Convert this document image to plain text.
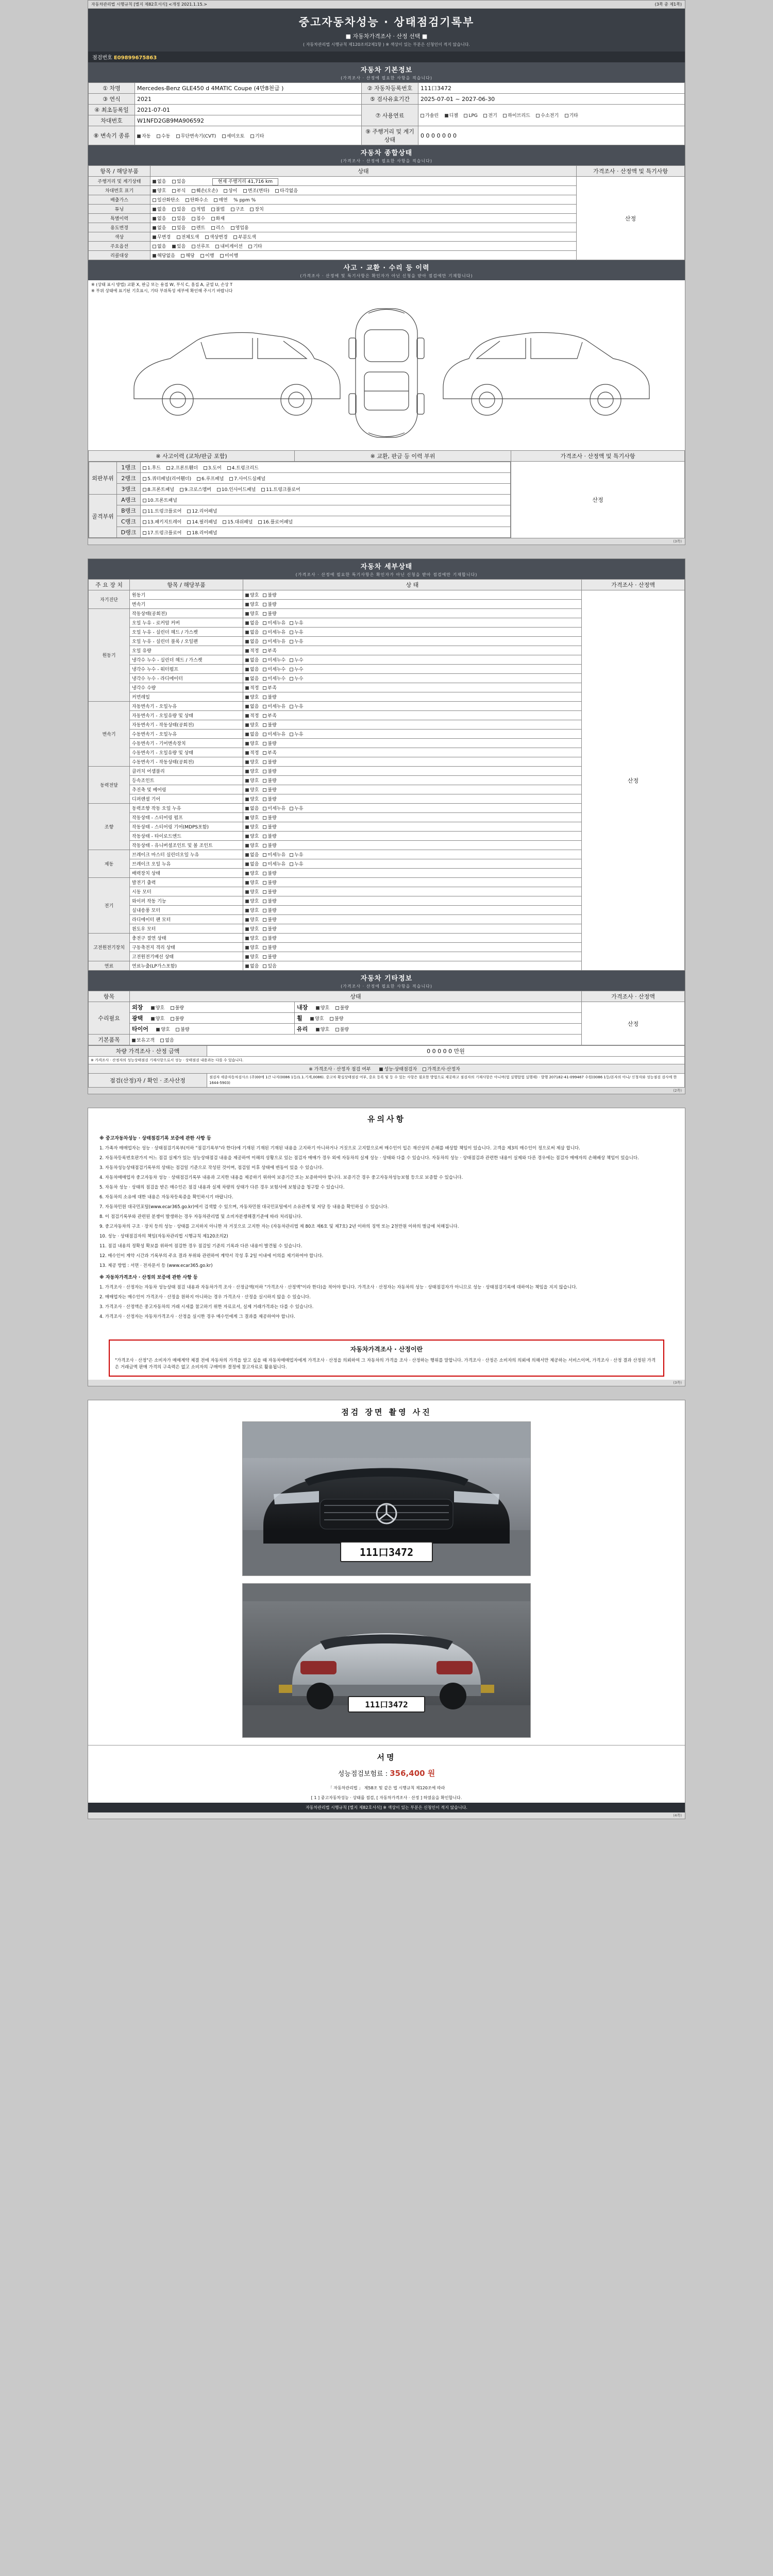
자동차관리법 시행규칙 [별지 제82호서식] <개정 2021.1.15.>	(3쪽 중 제1쪽)
중고자동차성능 · 상태점검기록부
■ 자동차가격조사 · 산정 선택 ■
( 자동차관리법 시행규칙 제120조의2제1항 ) ※ 색상이 있는 부분은 신청인이 적지 않습니다.
점검번호 E09899675863
자동차 기본정보
(가격조사 · 산정에 필요한 사항을 적습니다)
① 차명	Mercedes-Benz GLE450 d 4MATIC Coupe (4만8천급 )	② 자동차등록번호	111口3472
③ 연식	2021	⑤ 검사유효기간	2025-07-01 ~ 2027-06-30
④ 최초등록일	2021-07-01	⑦ 사용연료	가솔린 디젤 LPG 전기 하이브리드 수소전기 기타
차대번호	W1NFD2GB9MA906592		
⑧ 변속기 종류	자동 수동 무단변속기(CVT) 세미오토 기타	⑨ 주행거리 및 계기상태	0 0 0 0 0 0 0
자동차 종합상태
(가격조사 · 산정에 필요한 사항을 적습니다)
항목 / 해당부품	상태	가격조사 · 산정액 및 특기사항
주행거리 및 계기상태	없음 있음 현재 주행거리 41,716 km	산정
차대번호 표기	양호 부식 훼손(오손) 상이 변조(변타) 타각없음	
배출가스	일산화탄소 탄화수소 매연 % ppm %	
튜닝	없음 있음 적법 불법 구조 장치	
특별이력	없음 있음 침수 화재	
용도변경	없음 있음 렌트 리스 영업용	
색상	무변경 전체도색 색상변경 부분도색	
주요옵션	없음 있음 선루프 내비게이션 기타	
리콜대상	해당없음 해당 이행 미이행	
사고 · 교환 · 수리 등 이력
(가격조사 · 산정에 및 특기사항은 확인자가 아닌 신청을 받아 점검에만 기재합니다)
※ (상태 표시 방법) 교환 X, 판금 또는 용접 W, 부식 C, 흠집 A, 균열 U, 손상 T
※ 부위 상태에 표기된 기호표시, 기타 부위특성 세부에 확인해 주시기 바랍니다
※ 사고이력 (교차/판금 포함)	※ 교환, 판금 등 이력 부위	가격조사 · 산정액 및 특기사항

외판부위	1랭크	1.후드 2.프론트휀더 3.도어 4.트렁크리드
2랭크	5.쿼터패널(리어휀더) 6.루프패널 7.사이드실패널
3랭크	8.프론트패널 9.크로스멤버 10.인사이드패널 11.트렁크플로어
골격부위	A랭크	10.프론트패널
B랭크	11.트렁크플로어 12.리어패널
C랭크	13.패키지트레이 14.필러패널 15.대쉬패널 16.플로어패널
D랭크	17.트렁크플로어 18.리어패널
	산정
(3쪽)
자동차 세부상태
(가격조사 · 산정에 필요한 특기사항은 확인자가 아닌 신청을 받아 점검에만 기재합니다)
주 요 장 치	항목 / 해당부품	상 태	가격조사 · 산정액
자기진단	원동기	양호 불량	산정
	변속기	양호 불량	
원동기	작동상태(공회전)	양호 불량	
	오일 누유 - 로커암 커버	없음 미세누유 누유	
	오일 누유 - 실린더 헤드 / 가스켓	없음 미세누유 누유	
	오일 누유 - 실린더 블록 / 오일팬	없음 미세누유 누유	
	오일 유량	적정 부족	
	냉각수 누수 - 실린더 헤드 / 가스켓	없음 미세누수 누수	
	냉각수 누수 - 워터펌프	없음 미세누수 누수	
	냉각수 누수 - 라디에이터	없음 미세누수 누수	
	냉각수 수량	적정 부족	
	커먼레일	양호 불량	
변속기	자동변속기 - 오일누유	없음 미세누유 누유	
	자동변속기 - 오일유량 및 상태	적정 부족	
	자동변속기 - 작동상태(공회전)	양호 불량	
	수동변속기 - 오일누유	없음 미세누유 누유	
	수동변속기 - 기어변속장치	양호 불량	
	수동변속기 - 오일유량 및 상태	적정 부족	
	수동변속기 - 작동상태(공회전)	양호 불량	
동력전달	클러치 어셈블리	양호 불량	
	등속조인트	양호 불량	
	추진축 및 베어링	양호 불량	
	디퍼렌셜 기어	양호 불량	
조향	동력조향 작동 오일 누유	없음 미세누유 누유	
	작동상태 - 스티어링 펌프	양호 불량	
	작동상태 - 스티어링 기어(MDPS포함)	양호 불량	
	작동상태 - 타이로드엔드	양호 불량	
	작동상태 - 유니버셜조인트 및 볼 조인트	양호 불량	
제동	브레이크 마스터 실린더오일 누유	없음 미세누유 누유	
	브레이크 오일 누유	없음 미세누유 누유	
	배력장치 상태	양호 불량	
전기	발전기 출력	양호 불량	
	시동 모터	양호 불량	
	와이퍼 작동 기능	양호 불량	
	실내송풍 모터	양호 불량	
	라디에이터 팬 모터	양호 불량	
	윈도우 모터	양호 불량	
고전원전기장치	충전구 절연 상태	양호 불량	
	구동축전지 격리 상태	양호 불량	
	고전원전기배선 상태	양호 불량	
연료	연료누출(LP가스포함)	없음 있음	
자동차 기타정보
(가격조사 · 산정에 필요한 사항을 적습니다)
항목	상태		가격조사 · 산정액
수리필요	외장 양호 불량	내장 양호 불량	산정
	광택 양호 불량	휠 양호 불량	
	타이어 양호 불량	유리 양호 불량	
기본품목	보유고객 없음		
차량 가격조사 · 산정 금액	0 0 0 0 0 만원
※ 가격조사 · 산정자의 성능상태점검 기재사항으로서 성능 · 상태점검 내용과는 다를 수 있습니다.	
※ 가격조사 · 산정자 점검 여부 성능·상태점검자 가격조사·산정자	
점검(산정)자 / 확인 · 조사산정	점검자 세종자동차검사소 (주)00에 1간 나지(0086 1등/1.1.기계,0086). 중고차 확실상태점검 여부, 중요 등록 및 등 수 있는 사항은 필요한 방법으로 제공하고 점검자의 기재사항은 아니며(법 실행합법 실행제) · 발행 207182-41-099467 수원(0086 1등/본자의 아니/ 신청자와 성능점검 검사에 한 1644-5903)
(2쪽)
유의사항

※ 중고자동차성능 · 상태점검기록 보증에 관한 사항 등

1. 가족자 매매업자는 성능 · 상태점검기록부(이하 "점검기록부"라 한다)에 기재된 기재된 기재된 내용을 고지하기 아니하거나 거짓으로 고지할으로써 매수인이 입은 재산상의 손해를 배상할 책임이 있습니다. 고객을 제3의 매수인이 정으로써 제삼 합니다.

2. 자동차등록번호판가지 어느 점검 실제가 있는 성능상태점검 내용을 제공하여 이해의 상황으로 있는 점검자 매매가 경우 외에 자동차의 실제 성능 · 상태와 다를 수 있습니다. 자동차의 성능 · 상태점검과 관련한 내용이 실제와 다른 경우에는 점검자 매매자의 손해배상 책임이 있습니다.

3. 자동차성능상태점검기록부의 상태는 점검일 기준으로 작성된 것이며, 점검일 이후 상태에 변동이 있을 수 있습니다.

4. 자동차매매업자 중고자동차 성능 · 상태점검기록부 내용과 고지한 내용을 제공하기 위하여 보증기간 또는 보증하여야 합니다. 보증기간 경우 중고자동차성능보험 등으로 보증할 수 있습니다.

5. 자동차 성능 · 상태의 점검을 받은 매수인은 점검 내용과 실제 차량의 상태가 다른 경우 보험사에 보험금을 청구할 수 있습니다.

6. 자동차의 소유에 대한 내용은 자동차등록증을 확인하시기 바랍니다.

7. 자동차민원 대국민포털(www.ecar365.go.kr)에서 검색할 수 있으며, 자동차민원 대국민포털에서 소유관계 및 저당 등 내용을 확인하실 수 있습니다.

8. 이 점검기록부와 관련된 분쟁이 발생하는 경우 자동차관리법 및 소비자분쟁해결기준에 따라 처리됩니다.

9. 중고자동차의 구조 · 장치 등의 성능 · 상태를 고지하지 아니한 자 거짓으로 고지한 자는 (자동차관리법 제 80조 제6호 및 제7호) 2년 이하의 징역 또는 2천만원 이하의 벌금에 처해집니다.

10. 성능 · 상태점검자의 책임(자동차관리법 시행규칙 제120조의2)

11. 점검 내용의 정확성 확보를 위하여 점검한 경우 점검일 기준의 기록과 다른 내용이 발견될 수 있습니다.

12. 매수인이 계약 시간과 기록부의 주요 결과 부위와 관련하여 계약서 작성 후 2일 이내에 이의를 제기하여야 합니다.

13. 제공 방법 : 서면 · 전자문서 등 (www.ecar365.go.kr)

※ 자동차가격조사 · 산정의 보증에 관한 사항 등

1. 가격조사 · 산정자는 자동차 성능상태 점검 내용과 자동차가격 조사 · 산정금액(이하 "가격조사 · 산정액"이라 한다)을 적어야 합니다. 가격조사 · 산정자는 자동차의 성능 · 상태점검자가 아니므로 성능 · 상태점검기록에 대하여는 책임을 지지 않습니다.

2. 매매업자는 매수인이 가격조사 · 산정을 원하지 아니하는 경우 가격조사 · 산정을 실시하지 않을 수 있습니다.

3. 가격조사 · 산정액은 중고자동차의 거래 시세를 참고하기 위한 자료로서, 실제 거래가격과는 다를 수 있습니다.

4. 가격조사 · 산정자는 자동차가격조사 · 산정을 실시한 경우 매수인에게 그 결과를 제공하여야 합니다.

자동차가격조사 · 산정이란
"가격조사 · 산정"은 소비자가 매매계약 체결 전에 자동차의 가격을 알고 싶을 때 자동차매매업자에게 가격조사 · 산정을 의뢰하여 그 자동차의 가격을 조사 · 산정하는 행위를 말합니다. 가격조사 · 산정은 소비자의 의뢰에 의해서만 제공하는 서비스이며, 가격조사 · 산정 결과 산정된 가격은 거래금액 판매 가격의 구속력은 없고 소비자의 구매여부 결정에 참고자료로 활용됩니다.
(3쪽)
점검 장면 촬영 사진
111口3472
111口3472
서명
성능점검보험료 : 356,400 원
「 자동차관리법 」 제58조 및 같은 법 시행규칙 제120조에 따라
[ 1 ] 중고자동차성능 · 상태를 점검, [ 자동차가격조사 · 산정 ] 하였음을 확인합니다.
자동차관리법 시행규칙 [별지 제82호서식] ※ 색상이 있는 부분은 신청인이 적지 않습니다.
(4쪽)
